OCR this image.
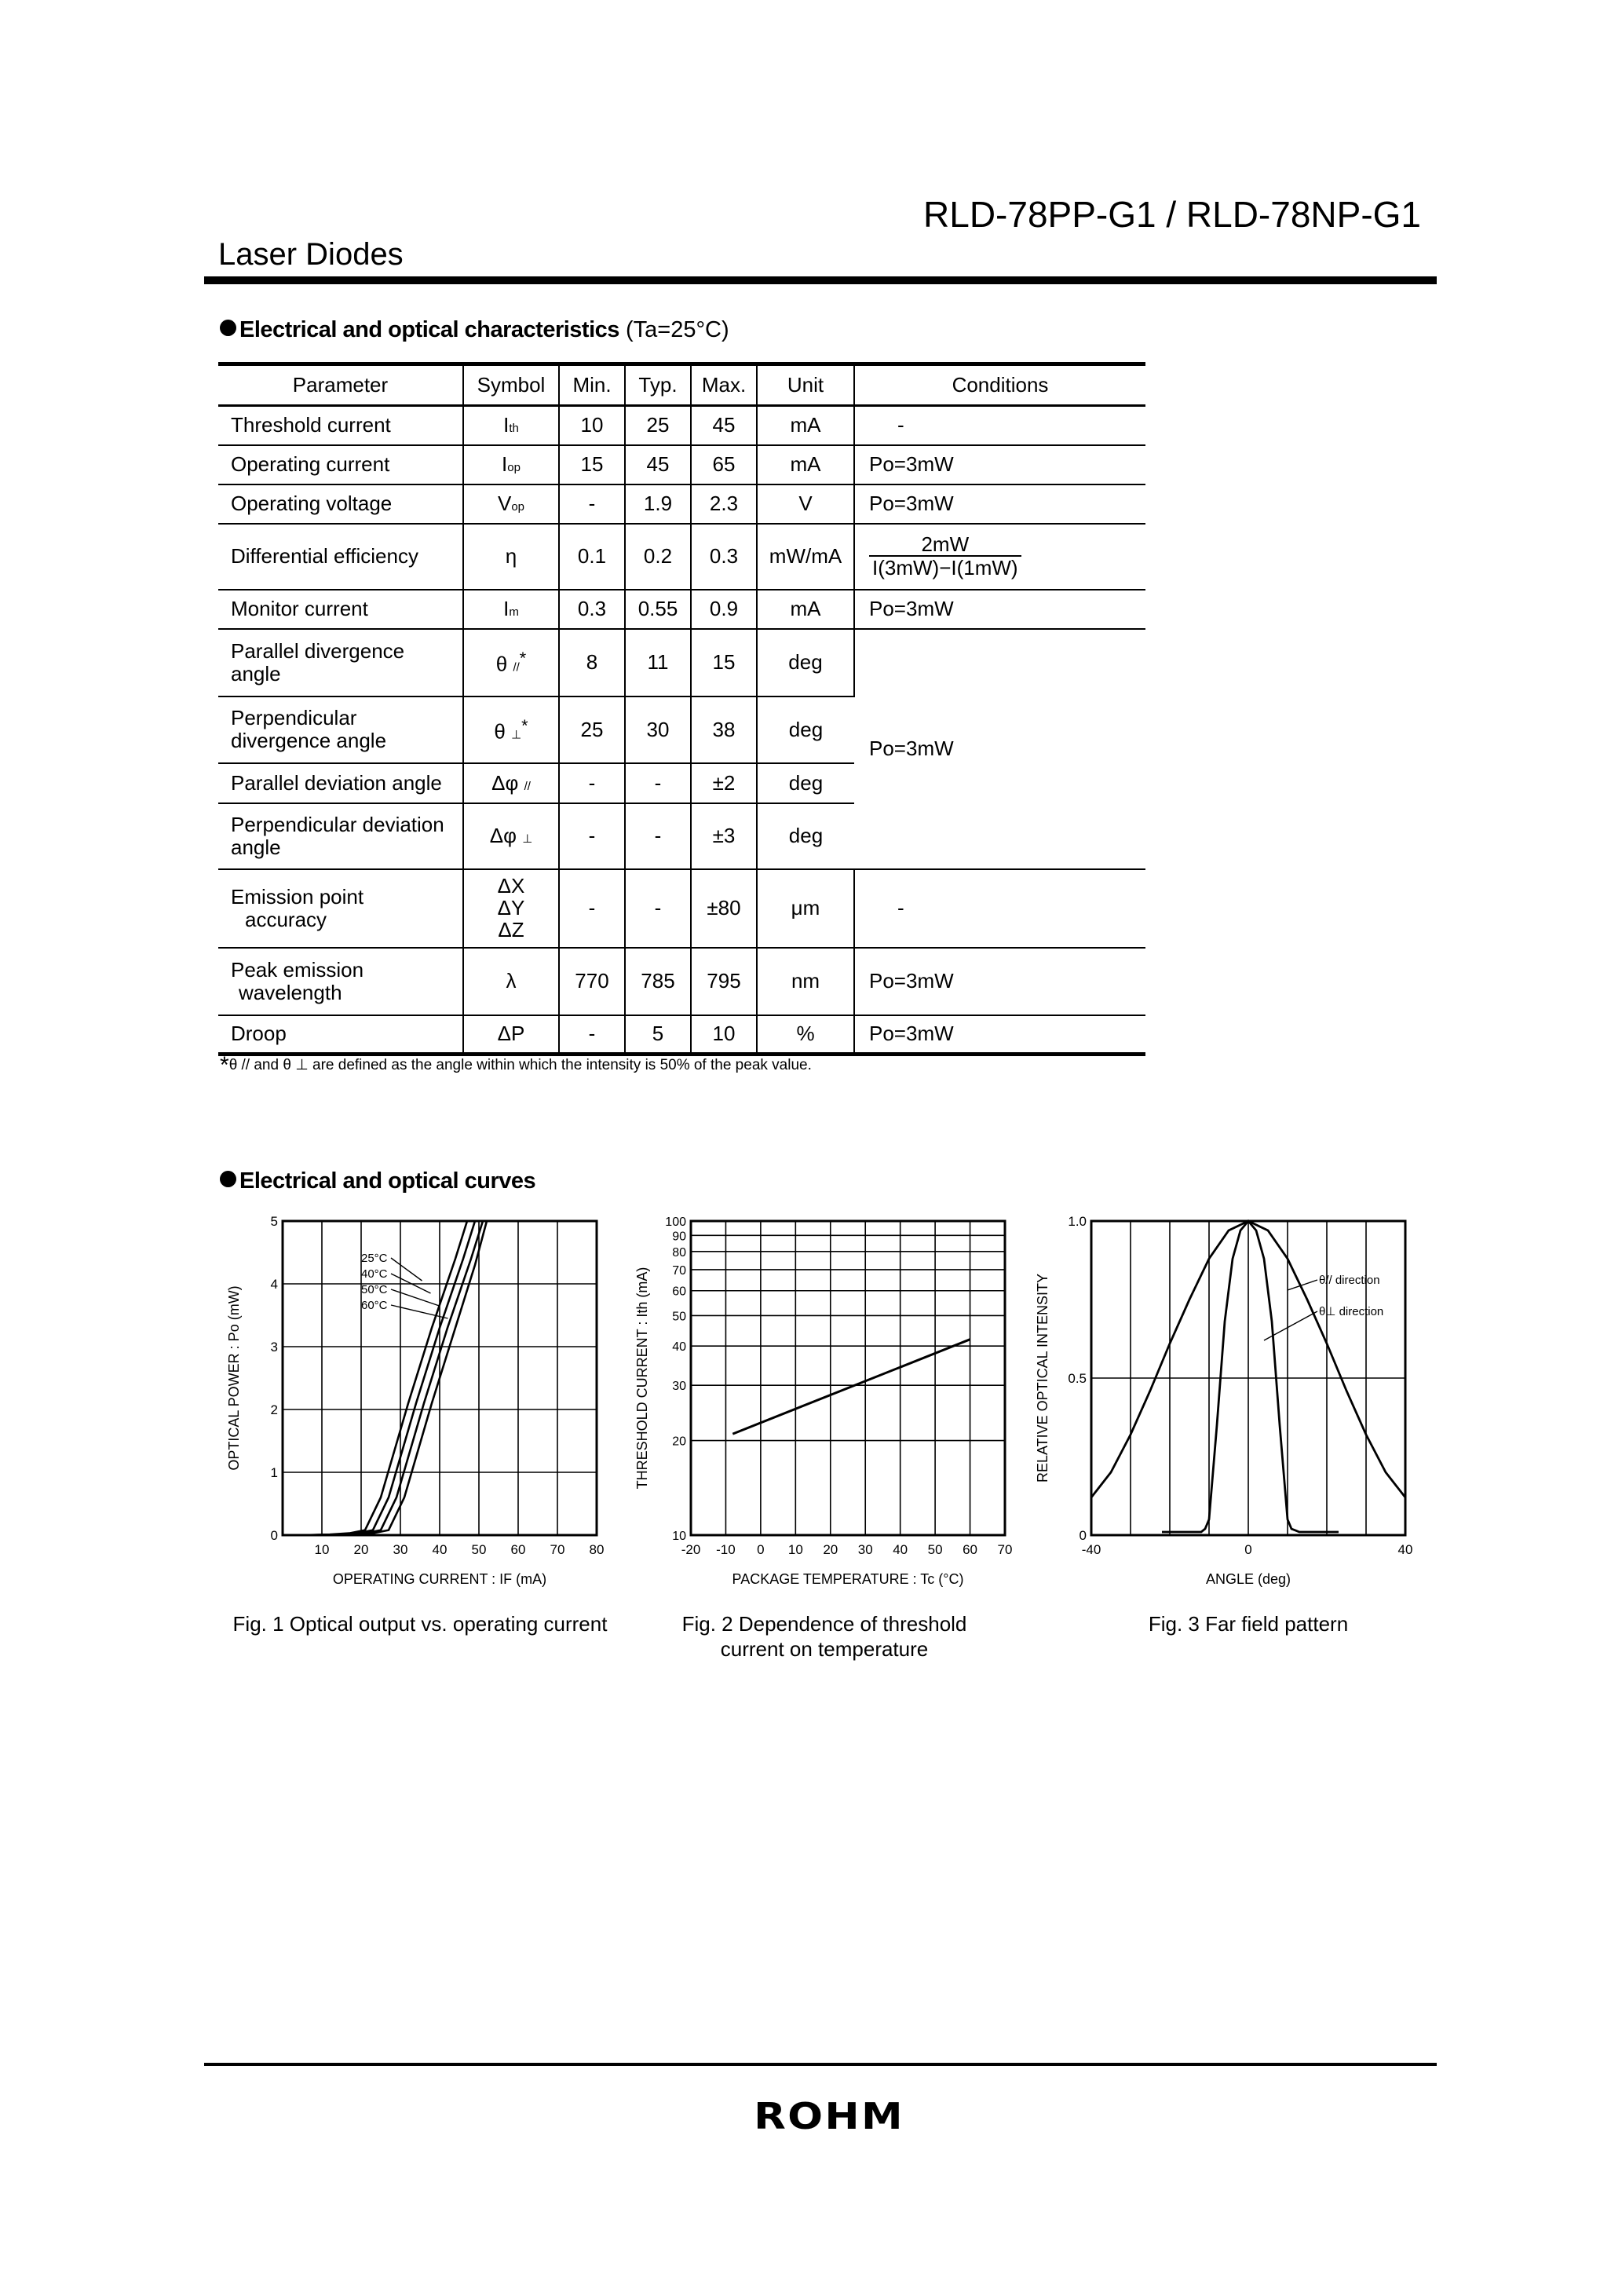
RLD-78PP-G1 / RLD-78NP-G1
Laser Diodes
Electrical and optical characteristics (Ta=25°C)
Parameter	Symbol	Min.	Typ.	Max.	Unit	Conditions
Threshold current	Ith	10	25	45	mA	-
Operating current	Iop	15	45	65	mA	Po=3mW
Operating voltage	Vop	-	1.9	2.3	V	Po=3mW
Differential efficiency	η	0.1	0.2	0.3	mW/mA	$\frac{2mW}{I(3mW)-I(1mW)}$

Monitor current	Im	0.3	0.55	0.9	mA	Po=3mW
Parallel divergence
angle	θ //*	8	11	15	deg	Po=3mW
Perpendicular
divergence angle	θ ⊥*	25	30	38	deg	
Parallel deviation angle	Δφ //	-	-	±2	deg	
Perpendicular deviation
angle	Δφ ⊥	-	-	±3	deg	
Emission point
accuracy	ΔX
ΔY
ΔZ	-	-	±80	μm	-
Peak emission
wavelength	λ	770	785	795	nm	Po=3mW
Droop	ΔP	-	5	10	%	Po=3mW
*θ // and θ ⊥ are defined as the angle within which the intensity is 50% of the peak value.
Electrical and optical curves
10 20 30 40 50 60 70 80
0
1
2
3
4
5
OPERATING CURRENT : IF (mA)
OPTICAL POWER : Po (mW)
25°C
40°C
50°C
60°C
-20 -10 0 10 20 30 40 50 60 70
10
20
30
40
50
60
70
80
90
100
PACKAGE TEMPERATURE : Tc (°C)
THRESHOLD CURRENT : Ith (mA)
-40	0	40
0
0.5
1.0
ANGLE (deg)
RELATIVE OPTICAL INTENSITY	θ// direction
θ⊥ direction
Fig. 1 Optical output vs. operating current	Fig. 2 Dependence of threshold current on temperature
Fig. 3 Far field pattern
ROHM
